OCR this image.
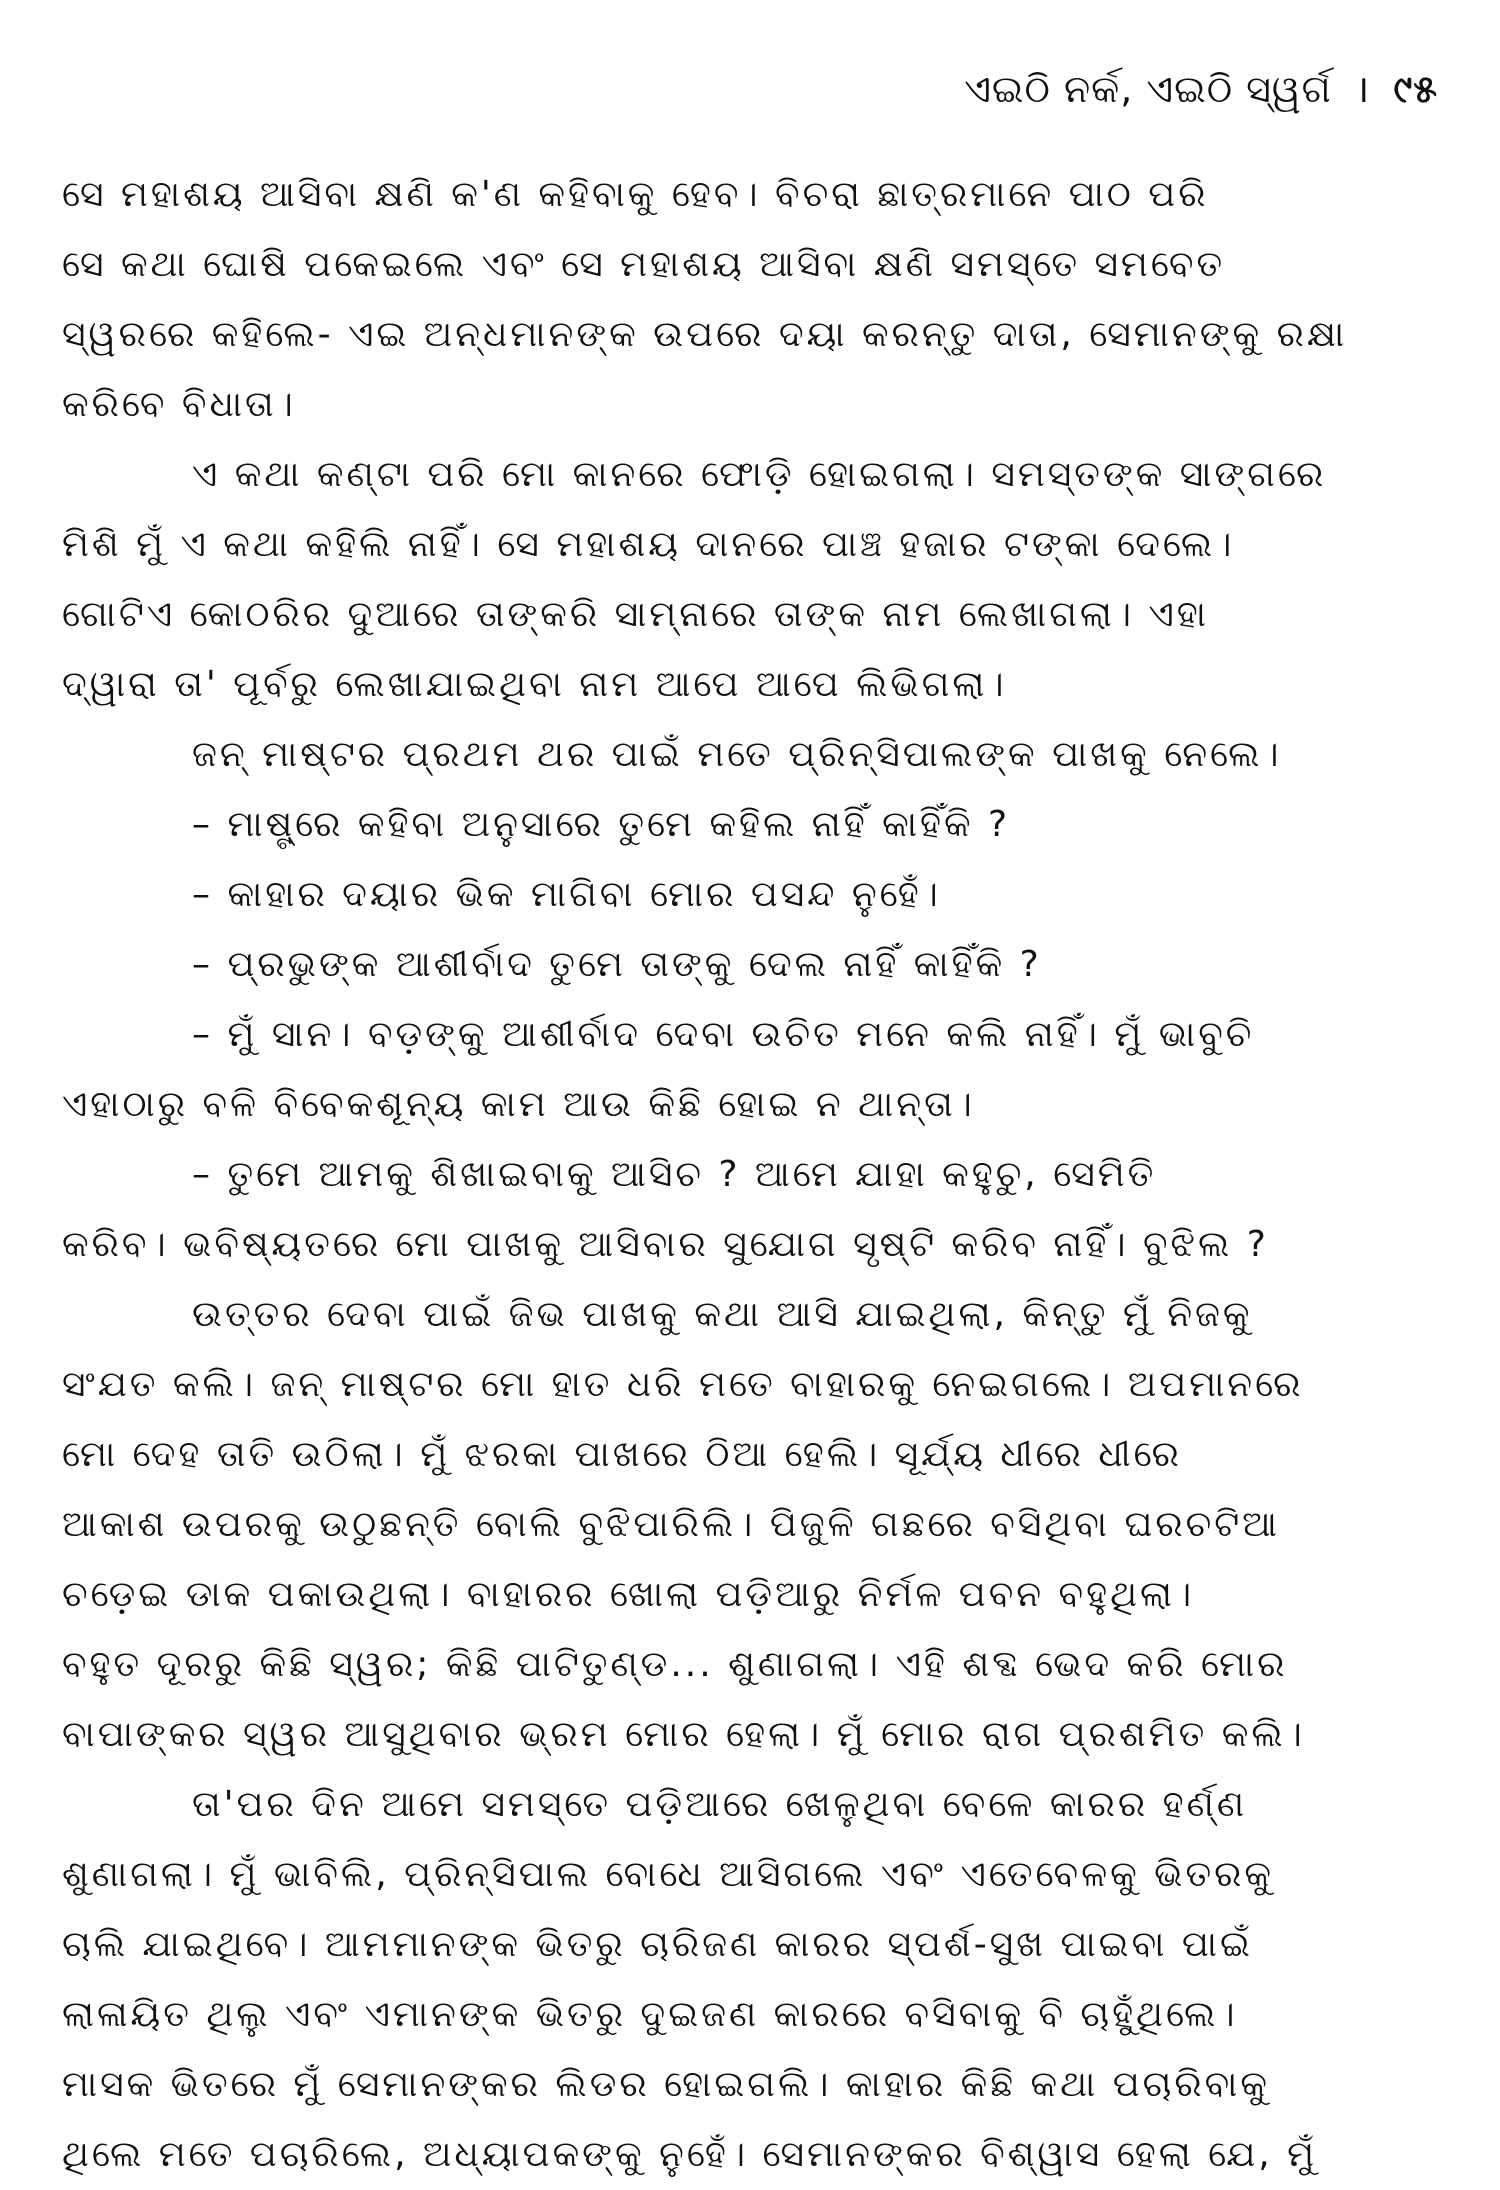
ଏଇଠି ନର୍କ, ଏଇଠି ସ୍ୱର୍ଗ । ୯୫
ସେ ମହାଶୟ ଆସିବା କ୍ଷଣି କ'ଣ କହିବାକୁ ହେବ। ବିଚରା ଛାତ୍ରମାନେ ପାଠ ପରି
ସେ କଥା ଘୋଷି ପକେଇଲେ ଏବଂ ସେ ମହାଶୟ ଆସିବା କ୍ଷଣି ସମସ୍ତେ ସମବେତ
ସ୍ୱରରେ କହିଲେ- ଏଇ ଅନ୍ଧମାନଙ୍କ ଉପରେ ଦୟା କରନ୍ତୁ ଦାତା, ସେମାନଙ୍କୁ ରକ୍ଷା
କରିବେ ବିଧାତା।
ଏ କଥା କଣ୍ଟା ପରି ମୋ କାନରେ ଫୋଡ଼ି ହୋଇଗଲା। ସମସ୍ତଙ୍କ ସାଙ୍ଗରେ
ମିଶି ମୁଁ ଏ କଥା କହିଲି ନାହିଁ। ସେ ମହାଶୟ ଦାନରେ ପାଞ୍ଚ ହଜାର ଟଙ୍କା ଦେଲେ।
ଗୋଟିଏ କୋଠରିର ଦୁଆରେ ତାଙ୍କରି ସାମ୍ନାରେ ତାଙ୍କ ନାମ ଲେଖାଗଲା। ଏହା
ଦ୍ୱାରା ତା' ପୂର୍ବରୁ ଲେଖାଯାଇଥିବା ନାମ ଆପେ ଆପେ ଲିଭିଗଲା।
ଜନ୍ ମାଷ୍ଟର ପ୍ରଥମ ଥର ପାଇଁ ମତେ ପ୍ରିନ୍ସିପାଲଙ୍କ ପାଖକୁ ନେଲେ।
– ମାଷ୍ଟ୍ରେ କହିବା ଅନୁସାରେ ତୁମେ କହିଲ ନାହିଁ କାହିଁକି ?
– କାହାର ଦୟାର ଭିକ ମାଗିବା ମୋର ପସନ୍ଦ ନୁହେଁ।
– ପ୍ରଭୁଙ୍କ ଆଶୀର୍ବାଦ ତୁମେ ତାଙ୍କୁ ଦେଲ ନାହିଁ କାହିଁକି ?
– ମୁଁ ସାନ। ବଡ଼ଙ୍କୁ ଆଶୀର୍ବାଦ ଦେବା ଉଚିତ ମନେ କଲି ନାହିଁ। ମୁଁ ଭାବୁଚି
ଏହାଠାରୁ ବଳି ବିବେକଶୂନ୍ୟ କାମ ଆଉ କିଛି ହୋଇ ନ ଥାନ୍ତା।
– ତୁମେ ଆମକୁ ଶିଖାଇବାକୁ ଆସିଚ ? ଆମେ ଯାହା କହୁଚୁ, ସେମିତି
କରିବ। ଭବିଷ୍ୟତରେ ମୋ ପାଖକୁ ଆସିବାର ସୁଯୋଗ ସୃଷ୍ଟି କରିବ ନାହିଁ। ବୁଝିଲ ?
ଉତ୍ତର ଦେବା ପାଇଁ ଜିଭ ପାଖକୁ କଥା ଆସି ଯାଇଥିଲା, କିନ୍ତୁ ମୁଁ ନିଜକୁ
ସଂଯତ କଲି। ଜନ୍ ମାଷ୍ଟର ମୋ ହାତ ଧରି ମତେ ବାହାରକୁ ନେଇଗଲେ। ଅପମାନରେ
ମୋ ଦେହ ତାତି ଉଠିଲା। ମୁଁ ଝରକା ପାଖରେ ଠିଆ ହେଲି। ସୂର୍ଯ୍ୟ ଧୀରେ ଧୀରେ
ଆକାଶ ଉପରକୁ ଉଠୁଛନ୍ତି ବୋଲି ବୁଝିପାରିଲି। ପିଜୁଳି ଗଛରେ ବସିଥିବା ଘରଚଟିଆ
ଚଡ଼େଇ ଡାକ ପକାଉଥିଲା। ବାହାରର ଖୋଲା ପଡ଼ିଆରୁ ନିର୍ମଳ ପବନ ବହୁଥିଲା।
ବହୁତ ଦୂରରୁ କିଛି ସ୍ୱର; କିଛି ପାଟିତୁଣ୍ଡ... ଶୁଣାଗଲା। ଏହି ଶବ୍ଦ ଭେଦ କରି ମୋର
ବାପାଙ୍କର ସ୍ୱର ଆସୁଥିବାର ଭ୍ରମ ମୋର ହେଲା। ମୁଁ ମୋର ରାଗ ପ୍ରଶମିତ କଲି।
ତା'ପର ଦିନ ଆମେ ସମସ୍ତେ ପଡ଼ିଆରେ ଖେଳୁଥିବା ବେଳେ କାରର ହର୍ଣ୍ଣ
ଶୁଣାଗଲା। ମୁଁ ଭାବିଲି, ପ୍ରିନ୍ସିପାଲ ବୋଧେ ଆସିଗଲେ ଏବଂ ଏତେବେଳକୁ ଭିତରକୁ
ଚାଲି ଯାଇଥିବେ। ଆମମାନଙ୍କ ଭିତରୁ ଚାରିଜଣ କାରର ସ୍ପର୍ଶ-ସୁଖ ପାଇବା ପାଇଁ
ଲାଳାୟିତ ଥିଲୁ ଏବଂ ଏମାନଙ୍କ ଭିତରୁ ଦୁଇଜଣ କାରରେ ବସିବାକୁ ବି ଚାହୁଁଥିଲେ।
ମାସକ ଭିତରେ ମୁଁ ସେମାନଙ୍କର ଲିଡର ହୋଇଗଲି। କାହାର କିଛି କଥା ପଚାରିବାକୁ
ଥିଲେ ମତେ ପଚାରିଲେ, ଅଧ୍ୟାପକଙ୍କୁ ନୁହେଁ। ସେମାନଙ୍କର ବିଶ୍ୱାସ ହେଲା ଯେ, ମୁଁ
